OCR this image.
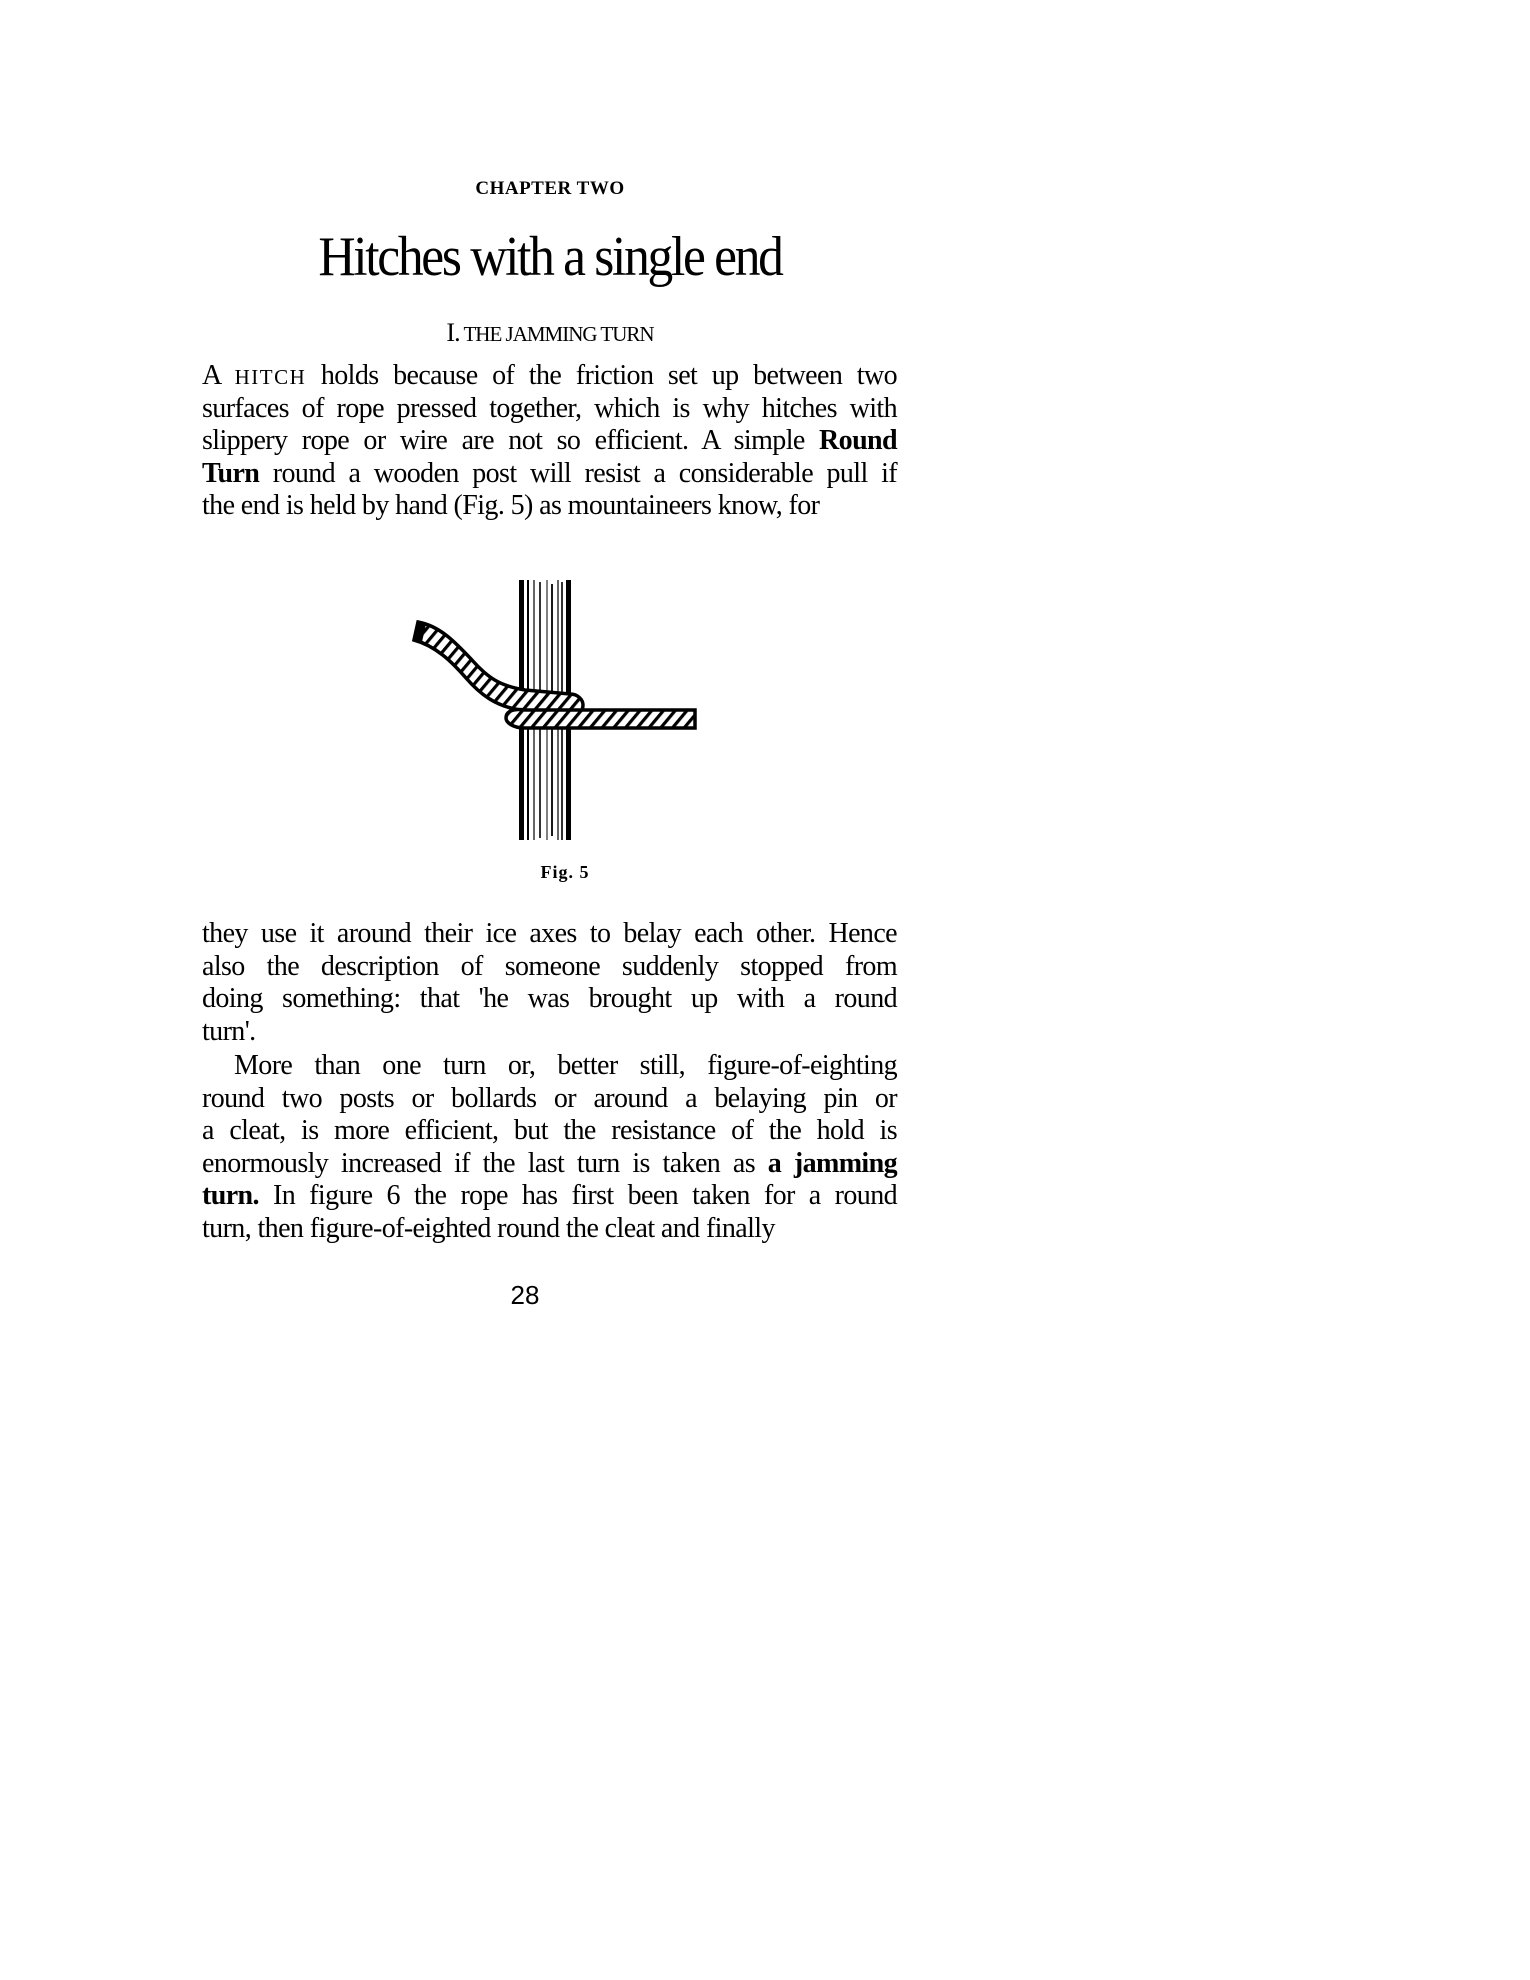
CHAPTER TWO
Hitches with a single end
I. THE JAMMING TURN
A HITCH holds because of the friction set up between two
surfaces of rope pressed together, which is why hitches with
slippery rope or wire are not so efficient. A simple Round
Turn round a wooden post will resist a considerable pull if
the end is held by hand (Fig. 5) as mountaineers know, for
Fig. 5
they use it around their ice axes to belay each other. Hence
also the description of someone suddenly stopped from
doing something: that 'he was brought up with a round
turn'.
More than one turn or, better still, figure-of-eighting
round two posts or bollards or around a belaying pin or
a cleat, is more efficient, but the resistance of the hold is
enormously increased if the last turn is taken as a jamming
turn. In figure 6 the rope has first been taken for a round
turn, then figure-of-eighted round the cleat and finally
28
